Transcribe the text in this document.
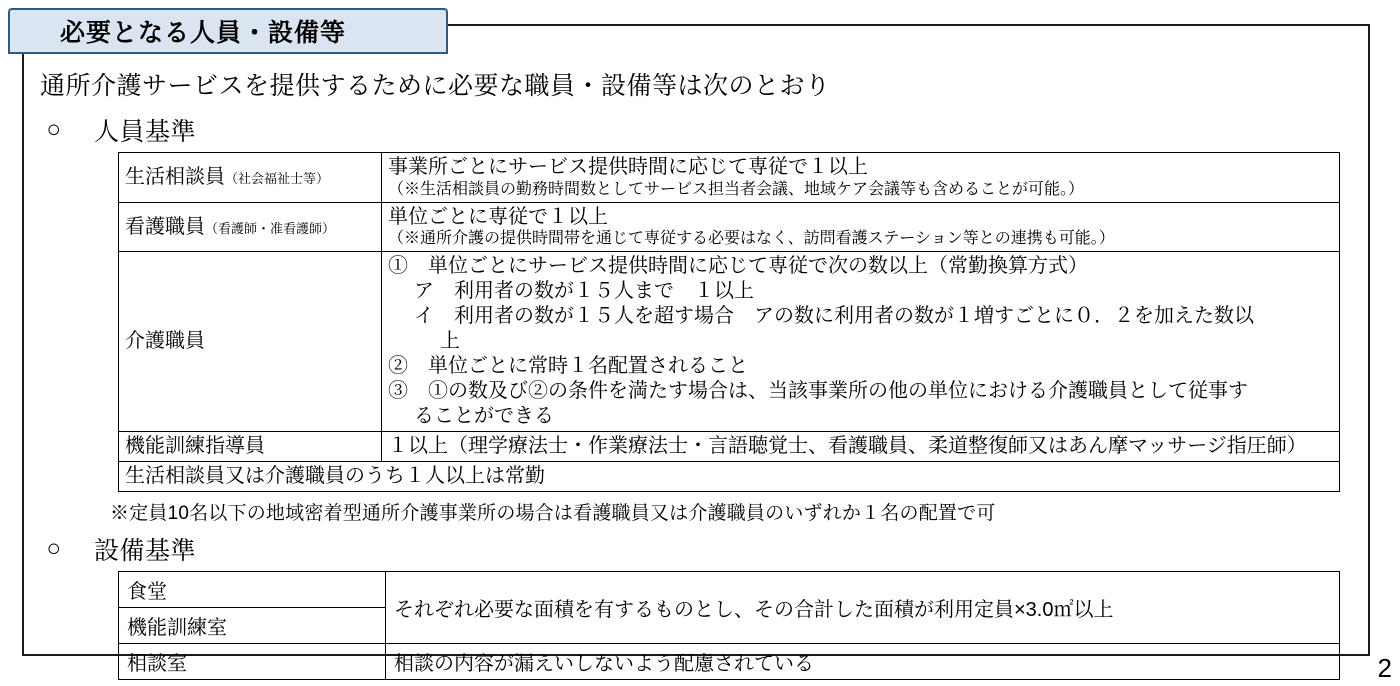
必要となる人員・設備等
通所介護サービスを提供するために必要な職員・設備等は次のとおり
○	人員基準
生活相談員（社会福祉士等）	事業所ごとにサービス提供時間に応じて専従で１以上
（※生活相談員の勤務時間数としてサービス担当者会議、地域ケア会議等も含めることが可能。）

看護職員（看護師・准看護師）	単位ごとに専従で１以上
（※通所介護の提供時間帯を通じて専従する必要はなく、訪問看護ステーション等との連携も可能。）

介護職員	
①　単位ごとにサービス提供時間に応じて専従で次の数以上（常勤換算方式）
ア　利用者の数が１５人まで　１以上
イ　利用者の数が１５人を超す場合　アの数に利用者の数が１増すごとに０．２を加えた数以
上
②　単位ごとに常時１名配置されること
③　①の数及び②の条件を満たす場合は、当該事業所の他の単位における介護職員として従事す
ることができる

機能訓練指導員	１以上（理学療法士・作業療法士・言語聴覚士、看護職員、柔道整復師又はあん摩マッサージ指圧師）

生活相談員又は介護職員のうち１人以上は常勤	
※定員10名以下の地域密着型通所介護事業所の場合は看護職員又は介護職員のいずれか１名の配置で可
○	設備基準
食堂	それぞれ必要な面積を有するものとし、その合計した面積が利用定員×3.0㎡以上
機能訓練室	
相談室	相談の内容が漏えいしないよう配慮されている	2
